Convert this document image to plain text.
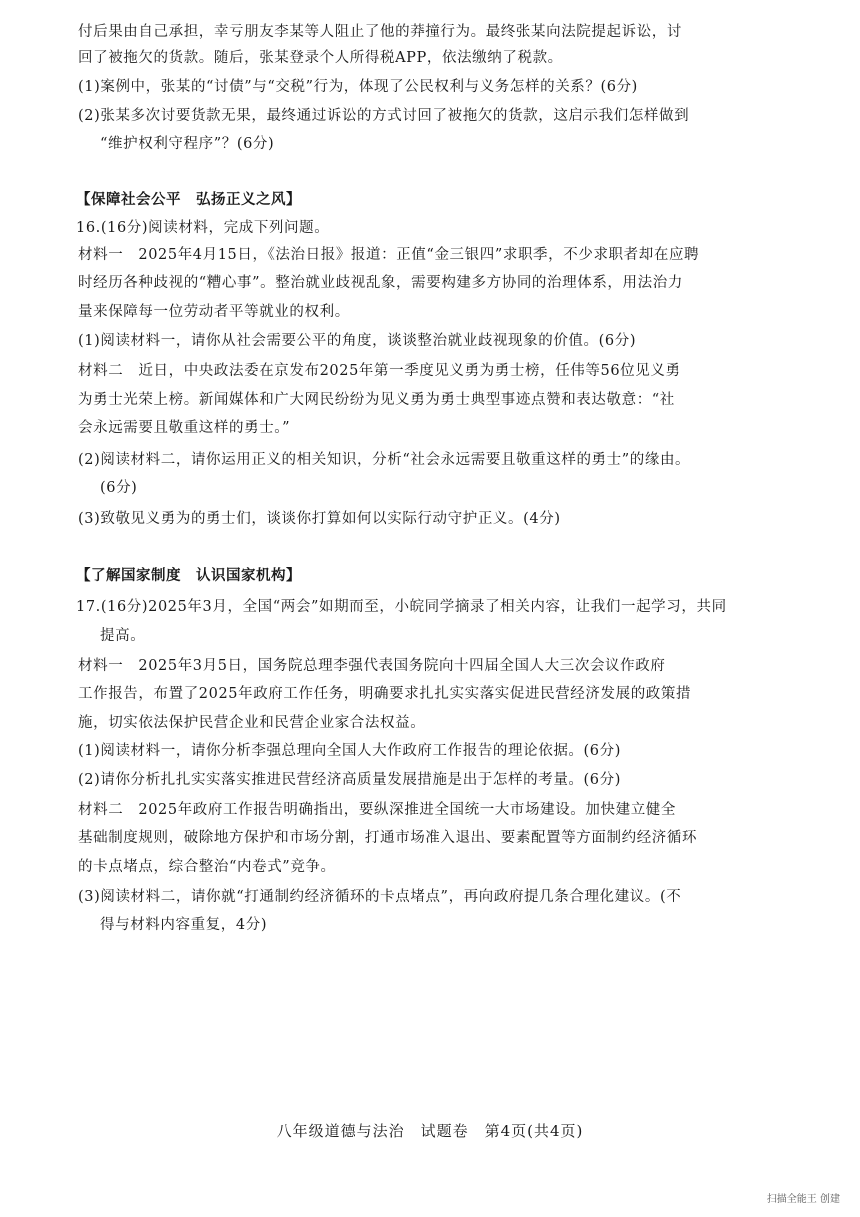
付后果由自己承担，幸亏朋友李某等人阻止了他的莽撞行为。最终张某向法院提起诉讼，讨
回了被拖欠的货款。随后，张某登录个人所得税APP，依法缴纳了税款。
(1)案例中，张某的“讨债”与“交税”行为，体现了公民权利与义务怎样的关系？(6分)
(2)张某多次讨要货款无果，最终通过诉讼的方式讨回了被拖欠的货款，这启示我们怎样做到
“维护权利守程序”？(6分)
【保障社会公平　弘扬正义之风】
16.(16分)阅读材料，完成下列问题。
材料一　2025年4月15日，《法治日报》报道：正值“金三银四”求职季，不少求职者却在应聘
时经历各种歧视的“糟心事”。整治就业歧视乱象，需要构建多方协同的治理体系，用法治力
量来保障每一位劳动者平等就业的权利。
(1)阅读材料一，请你从社会需要公平的角度，谈谈整治就业歧视现象的价值。(6分)
材料二　近日，中央政法委在京发布2025年第一季度见义勇为勇士榜，任伟等56位见义勇
为勇士光荣上榜。新闻媒体和广大网民纷纷为见义勇为勇士典型事迹点赞和表达敬意：“社
会永远需要且敬重这样的勇士。”
(2)阅读材料二，请你运用正义的相关知识，分析“社会永远需要且敬重这样的勇士”的缘由。
(6分)
(3)致敬见义勇为的勇士们，谈谈你打算如何以实际行动守护正义。(4分)
【了解国家制度　认识国家机构】
17.(16分)2025年3月，全国“两会”如期而至，小皖同学摘录了相关内容，让我们一起学习，共同
提高。
材料一　2025年3月5日，国务院总理李强代表国务院向十四届全国人大三次会议作政府
工作报告，布置了2025年政府工作任务，明确要求扎扎实实落实促进民营经济发展的政策措
施，切实依法保护民营企业和民营企业家合法权益。
(1)阅读材料一，请你分析李强总理向全国人大作政府工作报告的理论依据。(6分)
(2)请你分析扎扎实实落实推进民营经济高质量发展措施是出于怎样的考量。(6分)
材料二　2025年政府工作报告明确指出，要纵深推进全国统一大市场建设。加快建立健全
基础制度规则，破除地方保护和市场分割，打通市场准入退出、要素配置等方面制约经济循环
的卡点堵点，综合整治“内卷式”竞争。
(3)阅读材料二，请你就“打通制约经济循环的卡点堵点”，再向政府提几条合理化建议。(不
得与材料内容重复，4分)
八年级道德与法治　试题卷　第4页(共4页)
扫描全能王 创建
